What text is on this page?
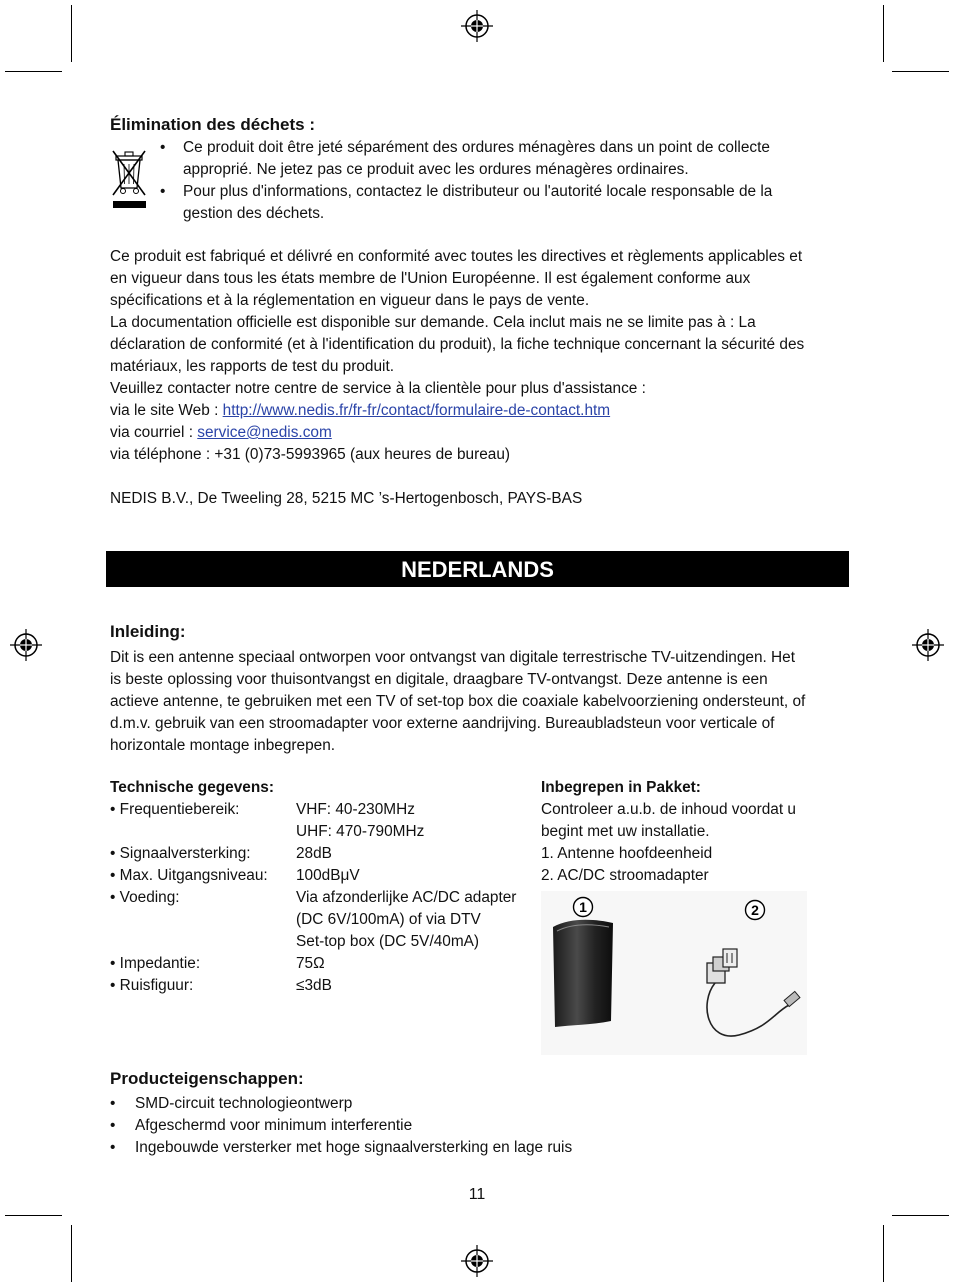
Élimination des déchets :
• Ce produit doit être jeté séparément des ordures ménagères dans un point de collecte
approprié. Ne jetez pas ce produit avec les ordures ménagères ordinaires.
• Pour plus d'informations, contactez le distributeur ou l'autorité locale responsable de la
gestion des déchets.
Ce produit est fabriqué et délivré en conformité avec toutes les directives et règlements applicables et
en vigueur dans tous les états membre de l'Union Européenne. Il est également conforme aux
spécifications et à la réglementation en vigueur dans le pays de vente.
La documentation officielle est disponible sur demande. Cela inclut mais ne se limite pas à : La
déclaration de conformité (et à l'identification du produit), la fiche technique concernant la sécurité des
matériaux, les rapports de test du produit.
Veuillez contacter notre centre de service à la clientèle pour plus d'assistance :
via le site Web : http://www.nedis.fr/fr-fr/contact/formulaire-de-contact.htm
via courriel : service@nedis.com
via téléphone : +31 (0)73-5993965 (aux heures de bureau)
NEDIS B.V., De Tweeling 28, 5215 MC ’s-Hertogenbosch, PAYS-BAS
NEDERLANDS
Inleiding:
Dit is een antenne speciaal ontworpen voor ontvangst van digitale terrestrische TV-uitzendingen. Het
is beste oplossing voor thuisontvangst en digitale, draagbare TV-ontvangst. Deze antenne is een
actieve antenne, te gebruiken met een TV of set-top box die coaxiale kabelvoorziening ondersteunt, of
d.m.v. gebruik van een stroomadapter voor externe aandrijving. Bureaubladsteun voor verticale of
horizontale montage inbegrepen.
Technische gegevens:
• Frequentiebereik:	VHF: 40-230MHz
UHF: 470-790MHz
• Signaalversterking:	28dB
• Max. Uitgangsniveau: 100dBμV
• Voeding:	Via afzonderlijke AC/DC adapter
(DC 6V/100mA) of via DTV
Set-top box (DC 5V/40mA)
• Impedantie:	75Ω
• Ruisfiguur:	≤3dB
Inbegrepen in Pakket:
Controleer a.u.b. de inhoud voordat u
begint met uw installatie.
1. Antenne hoofdeenheid
2. AC/DC stroomadapter
1	2
Producteigenschappen:
• SMD-circuit technologieontwerp
• Afgeschermd voor minimum interferentie
• Ingebouwde versterker met hoge signaalversterking en lage ruis
11
